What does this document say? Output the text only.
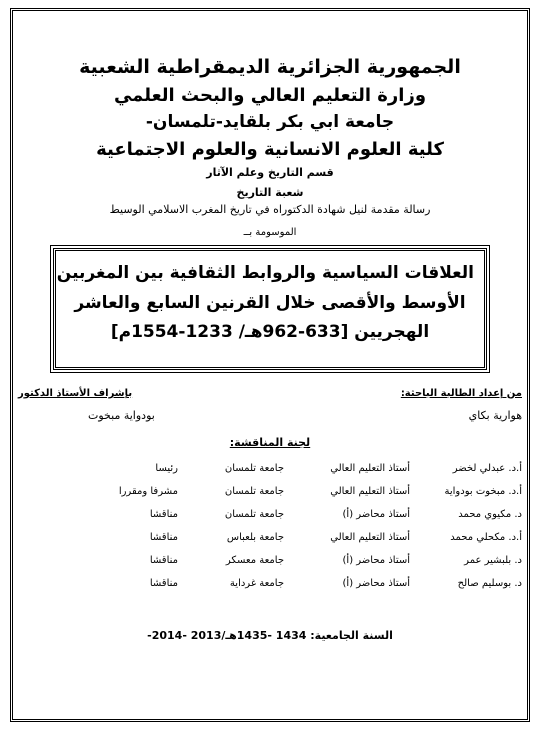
الجمهورية الجزائرية الديمقراطية الشعبية

وزارة التعليم العالي والبحث العلمي

جامعة ابي بكر بلقايد-تلمسان-

كلية العلوم الانسانية والعلوم الاجتماعية

قسم التاريخ وعلم الآثار

شعبة التاريخ

رسالة مقدمة لنيل شهادة الدكتوراه في تاريخ المغرب الاسلامي الوسيط

الموسومة بــ

العلاقات السياسية والروابط الثقافية بين المغربين
الأوسط والأقصى خلال القرنين السابع والعاشر
الهجريين [633-962هـ/ 1233-1554م]
من إعداد الطالبة الباحثة:
هوارية بكاي
بإشراف الأستاذ الدكتور
بودواية مبخوت
لجنة المناقشة:
أ.د. عبدلي لخضر
أستاذ التعليم العالي
جامعة تلمسان
رئيسا
أ.د. مبخوت بودواية
أستاذ التعليم العالي
جامعة تلمسان
مشرفا ومقررا
د. مكيوي محمد
أستاذ محاضر (أ)
جامعة تلمسان
مناقشا
أ.د. مكحلي محمد
أستاذ التعليم العالي
جامعة بلعباس
مناقشا
د. بلبشير عمر
أستاذ محاضر (أ)
جامعة معسكر
مناقشا
د. بوسليم صالح
أستاذ محاضر (أ)
جامعة غرداية
مناقشا
السنة الجامعية: 1434 -1435هـ/2013 -2014-
